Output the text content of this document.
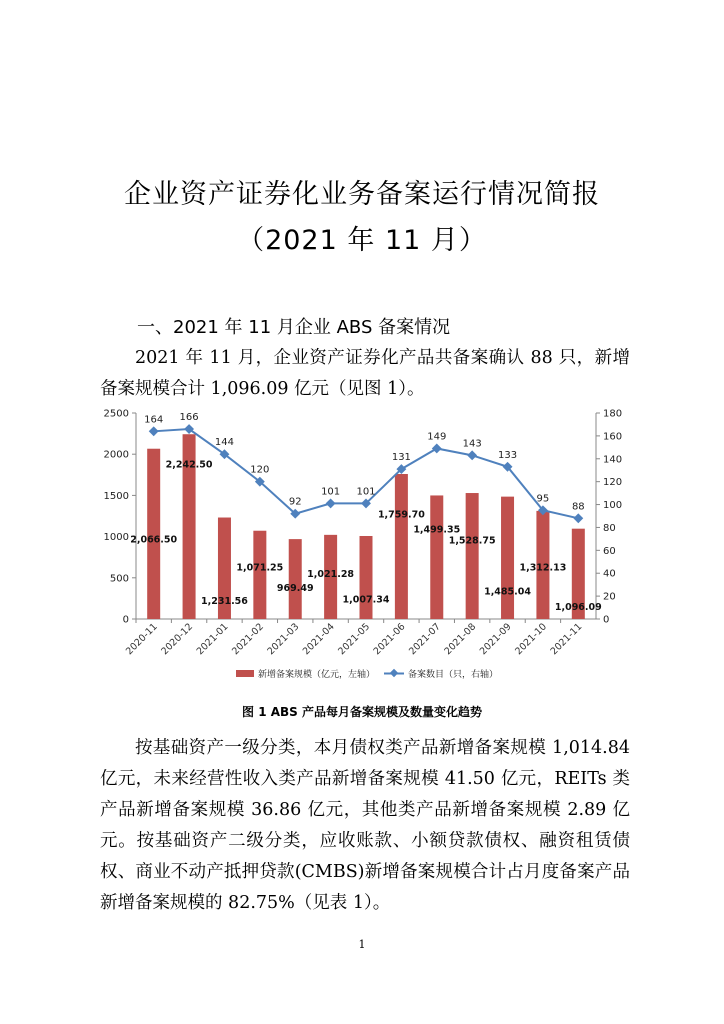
企业资产证券化业务备案运行情况简报
（2021 年 11 月）
一、2021 年 11 月企业 ABS 备案情况
2021 年 11 月，企业资产证券化产品共备案确认 88 只，新增备案规模合计 1,096.09 亿元（见图 1）。
0
500
1000
1500
2000
2500
0
20
40
60
80
100
120
140
160
180
2020-11 2020-12 2021-01 2021-02 2021-03 2021-04 2021-05 2021-06 2021-07 2021-08 2021-09 2021-10 2021-11
2,066.50
2,242.50
1,231.56
1,071.25
969.49
1,021.28
1,007.34
1,759.70
1,499.35
1,528.75
1,485.04
1,312.13
1,096.09
164 166
144
120
92
101 101
131
149
143
133
95
88
新增备案规模（亿元，左轴）	备案数目（只，右轴）
图 1 ABS 产品每月备案规模及数量变化趋势
按基础资产一级分类，本月债权类产品新增备案规模 1,014.84 亿元，未来经营性收入类产品新增备案规模 41.50 亿元，REITs 类产品新增备案规模 36.86 亿元，其他类产品新增备案规模 2.89 亿元。按基础资产二级分类，应收账款、小额贷款债权、融资租赁债权、商业不动产抵押贷款(CMBS)新增备案规模合计占月度备案产品新增备案规模的 82.75%（见表 1）。
1
